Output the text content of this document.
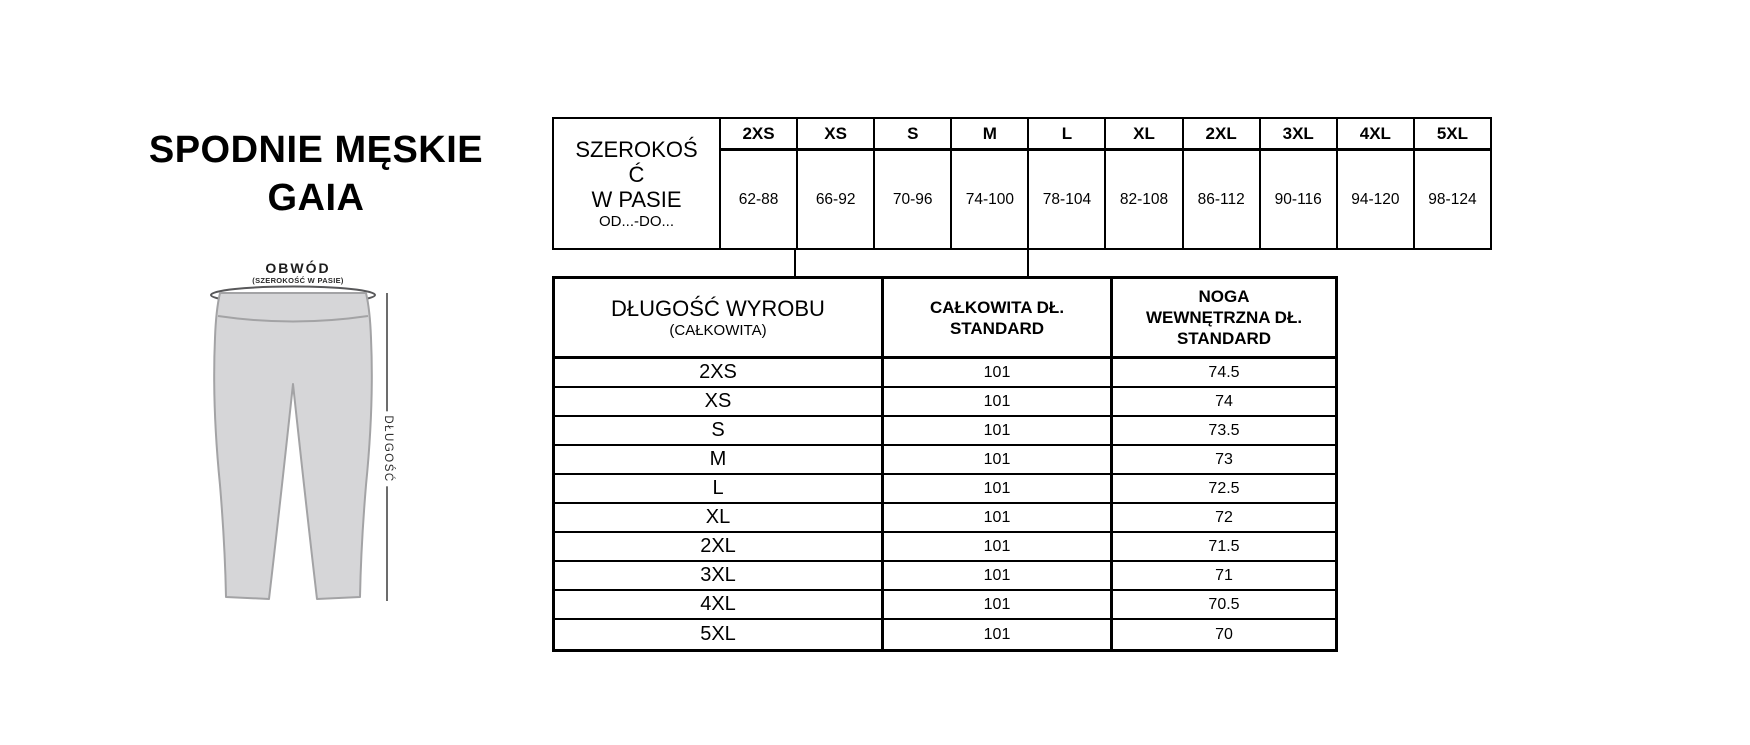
SPODNIE MĘSKIE
GAIA
OBWÓD
(SZEROKOŚĆ W PASIE)
DŁUGOŚĆ
SZEROKOŚĆ
W PASIE
OD...-DO...
2XS	XS	S	M	L	XL	2XL	3XL	4XL	5XL
62-88	66-92	70-96	74-100	78-104	82-108	86-112	90-116	94-120	98-124
DŁUGOŚĆ WYROBU
(CAŁKOWITA)
CAŁKOWITA DŁ.
STANDARD
NOGA
WEWNĘTRZNA DŁ.
STANDARD
2XS	101	74.5
XS	101	74
S	101	73.5
M	101	73
L	101	72.5
XL	101	72
2XL	101	71.5
3XL	101	71
4XL	101	70.5
5XL	101	70
